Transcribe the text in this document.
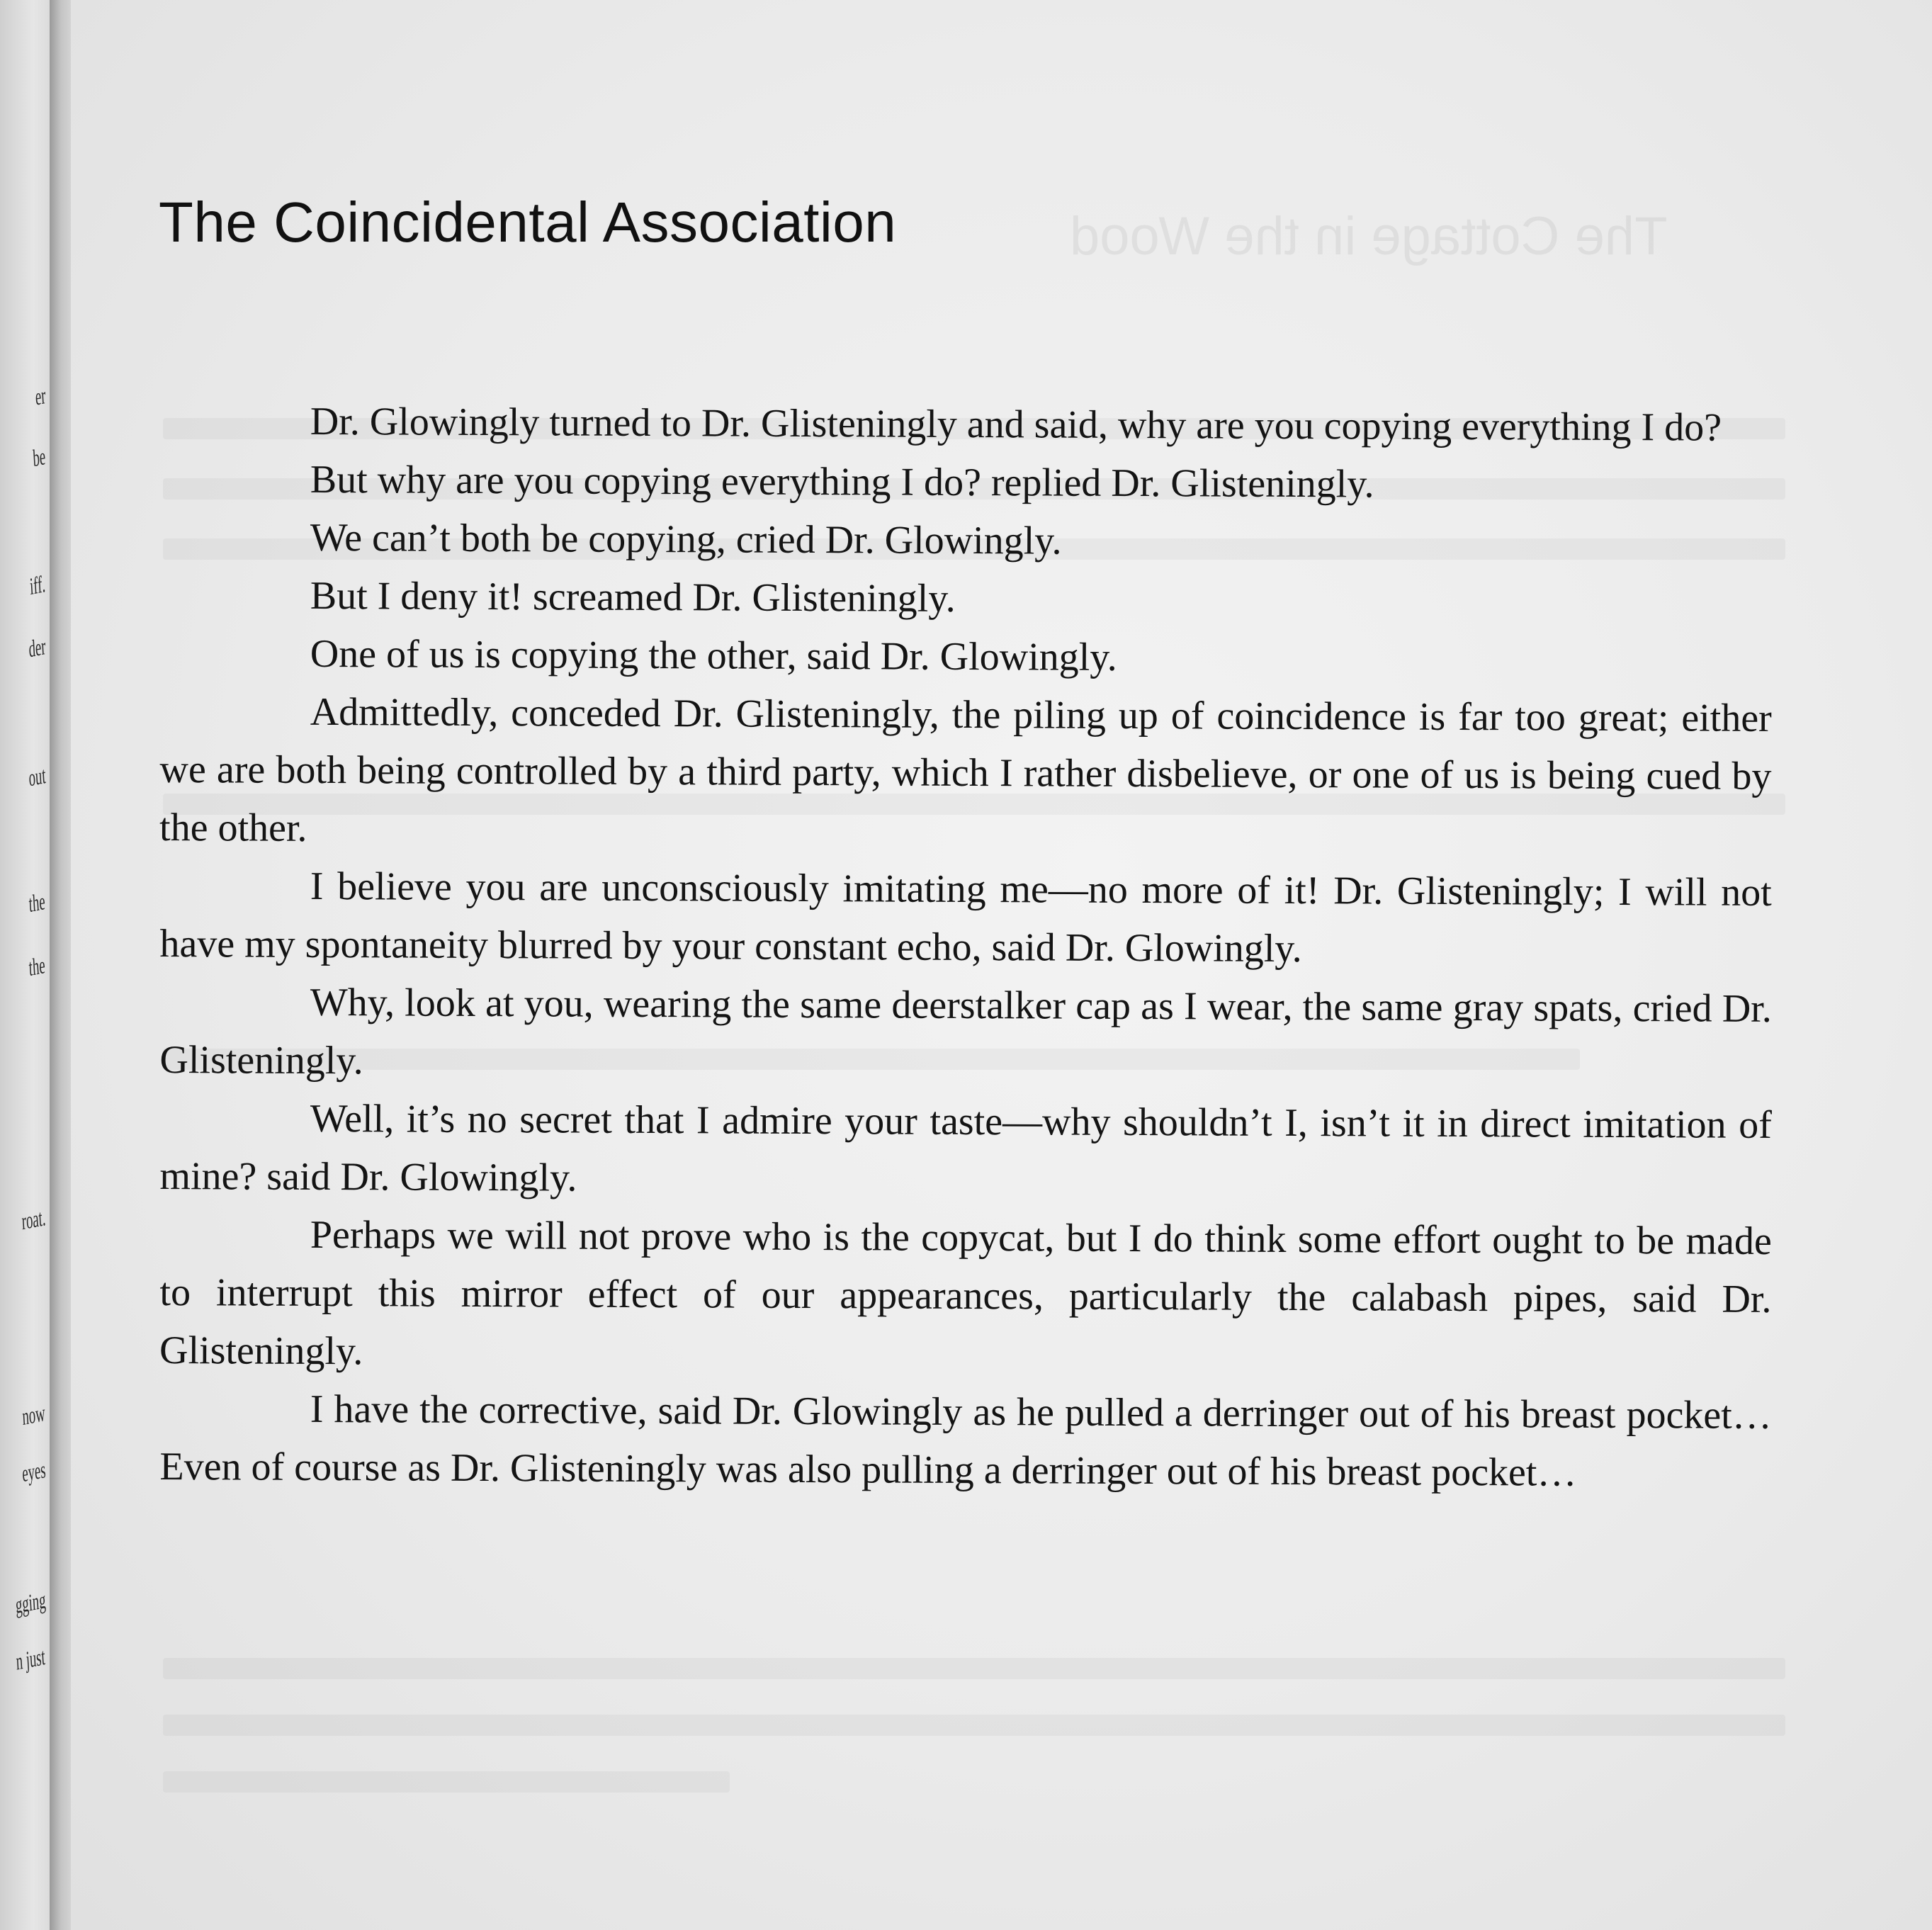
er
be
iff.
der
out
the
the
roat.
now
eyes
gging
n just
The Cottage in the Wood
The Coincidental Association

Dr. Glowingly turned to Dr. Glisteningly and said, why are you copying everything I do?

But why are you copying everything I do? replied Dr. Glisteningly.

We can’t both be copying, cried Dr. Glowingly.

But I deny it! screamed Dr. Glisteningly.

One of us is copying the other, said Dr. Glowingly.

Admittedly, conceded Dr. Glisteningly, the piling up of coincidence is far too great; either we are both being controlled by a third party, which I rather disbelieve, or one of us is being cued by the other.

I believe you are unconsciously imitating me—no more of it! Dr. Glisteningly; I will not have my spontaneity blurred by your constant echo, said Dr. Glowingly.

Why, look at you, wearing the same deerstalker cap as I wear, the same gray spats, cried Dr. Glisteningly.

Well, it’s no secret that I admire your taste—why shouldn’t I, isn’t it in direct imitation of mine? said Dr. Glowingly.

Perhaps we will not prove who is the copycat, but I do think some effort ought to be made to interrupt this mirror effect of our appearances, particularly the calabash pipes, said Dr. Glisteningly.

I have the corrective, said Dr. Glowingly as he pulled a derringer out of his breast pocket… Even of course as Dr. Glisteningly was also pulling a derringer out of his breast pocket…
